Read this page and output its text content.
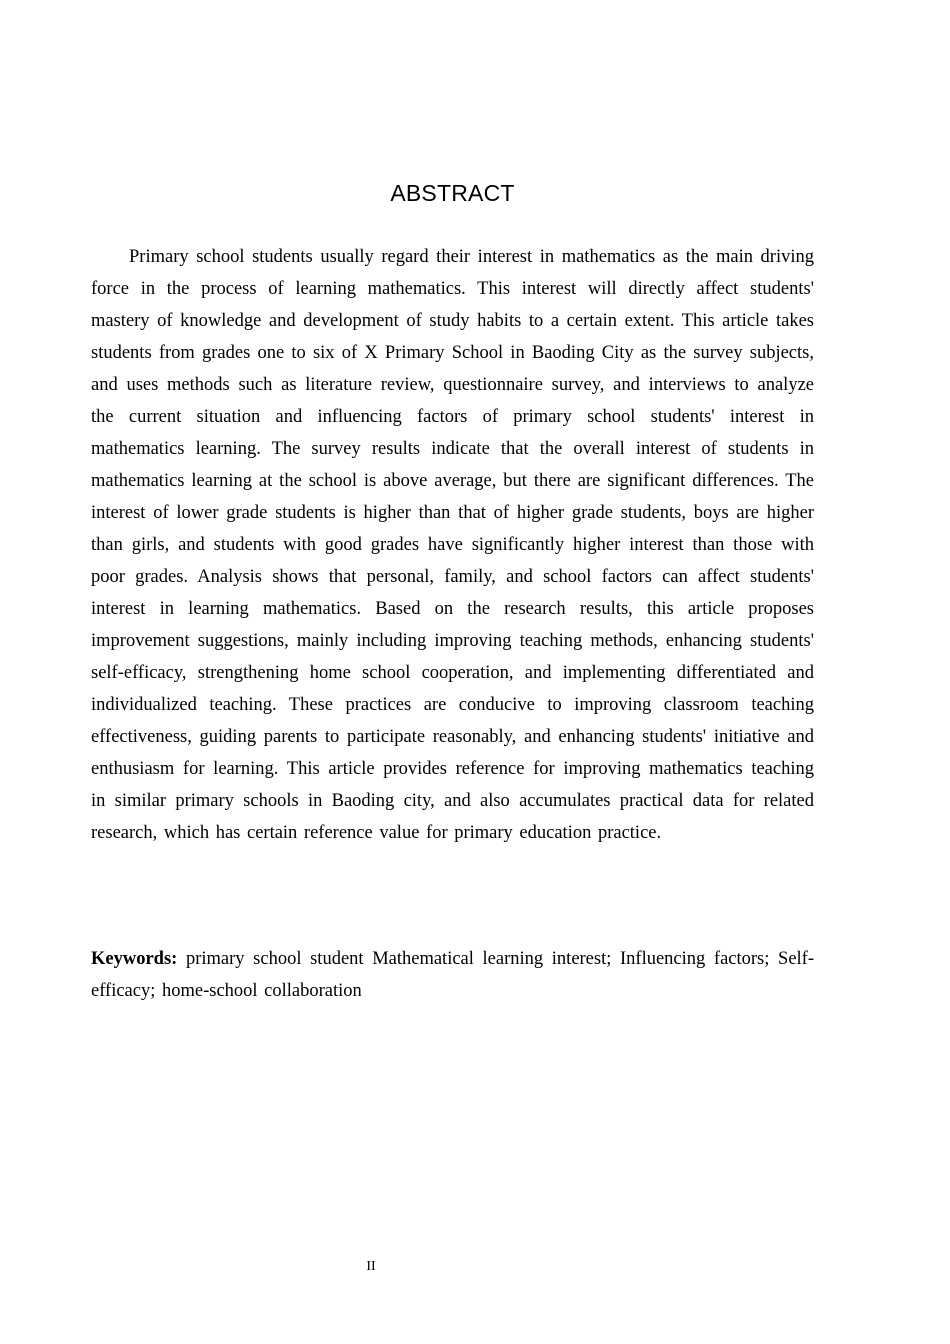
ABSTRACT

Primary school students usually regard their interest in mathematics as the main driving force in the process of learning mathematics. This interest will directly affect students' mastery of knowledge and development of study habits to a certain extent. This article takes students from grades one to six of X Primary School in Baoding City as the survey subjects, and uses methods such as literature review, questionnaire survey, and interviews to analyze the current situation and influencing factors of primary school students' interest in mathematics learning. The survey results indicate that the overall interest of students in mathematics learning at the school is above average, but there are significant differences. The interest of lower grade students is higher than that of higher grade students, boys are higher than girls, and students with good grades have significantly higher interest than those with poor grades. Analysis shows that personal, family, and school factors can affect students' interest in learning mathematics. Based on the research results, this article proposes improvement suggestions, mainly including improving teaching methods, enhancing students' self-efficacy, strengthening home school cooperation, and implementing differentiated and individualized teaching. These practices are conducive to improving classroom teaching effectiveness, guiding parents to participate reasonably, and enhancing students' initiative and enthusiasm for learning. This article provides reference for improving mathematics teaching in similar primary schools in Baoding city, and also accumulates practical data for related research, which has certain reference value for primary education practice.

Keywords: primary school student Mathematical learning interest; Influencing factors; Self-efficacy; home-school collaboration

II
